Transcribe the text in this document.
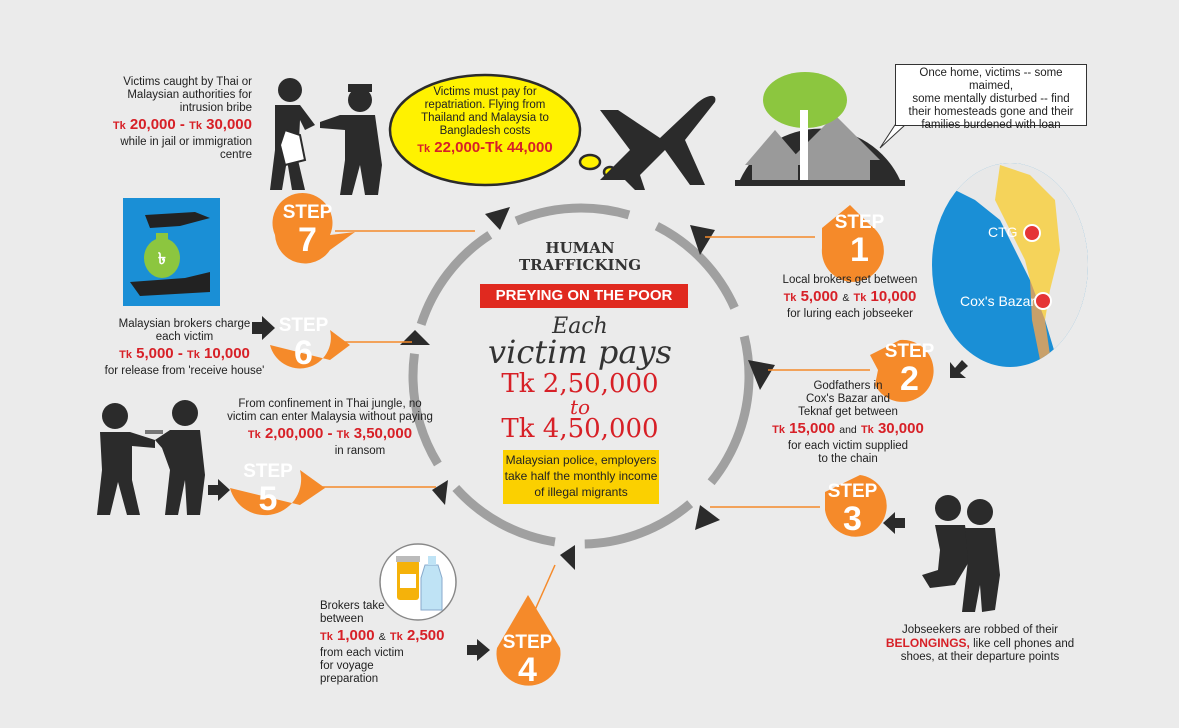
৳
HUMAN
TRAFFICKING
PREYING ON THE POOR
Each
victim pays
Tk 2,50,000
to
Tk 4,50,000
Malaysian police, employers take half the monthly income of illegal migrants
STEP
7	STEP
1
STEP
2
STEP
3
STEP
4
STEP
5
STEP
6
Victims caught by Thai or
Malaysian authorities for
intrusion bribe
Tk 20,000 - Tk 30,000
while in jail or immigration
centre
Victims must pay for
repatriation. Flying from
Thailand and Malaysia to
Bangladesh costs
Tk 22,000-Tk 44,000
Once home, victims -- some maimed,
some mentally disturbed -- find
their homesteads gone and their
families burdened with loan
CTG
Cox's Bazar
Local brokers get between
Tk 5,000 & Tk 10,000
for luring each jobseeker
Godfathers in
Cox's Bazar and
Teknaf get between
Tk 15,000 and Tk 30,000
for each victim supplied
to the chain
Jobseekers are robbed of their
BELONGINGS, like cell phones and
shoes, at their departure points
Brokers take
between
Tk 1,000 & Tk 2,500
from each victim
for voyage
preparation
From confinement in Thai jungle, no
victim can enter Malaysia without paying
Tk 2,00,000 - Tk 3,50,000
in ransom
Malaysian brokers charge
each victim
Tk 5,000 - Tk 10,000
for release from 'receive house'
